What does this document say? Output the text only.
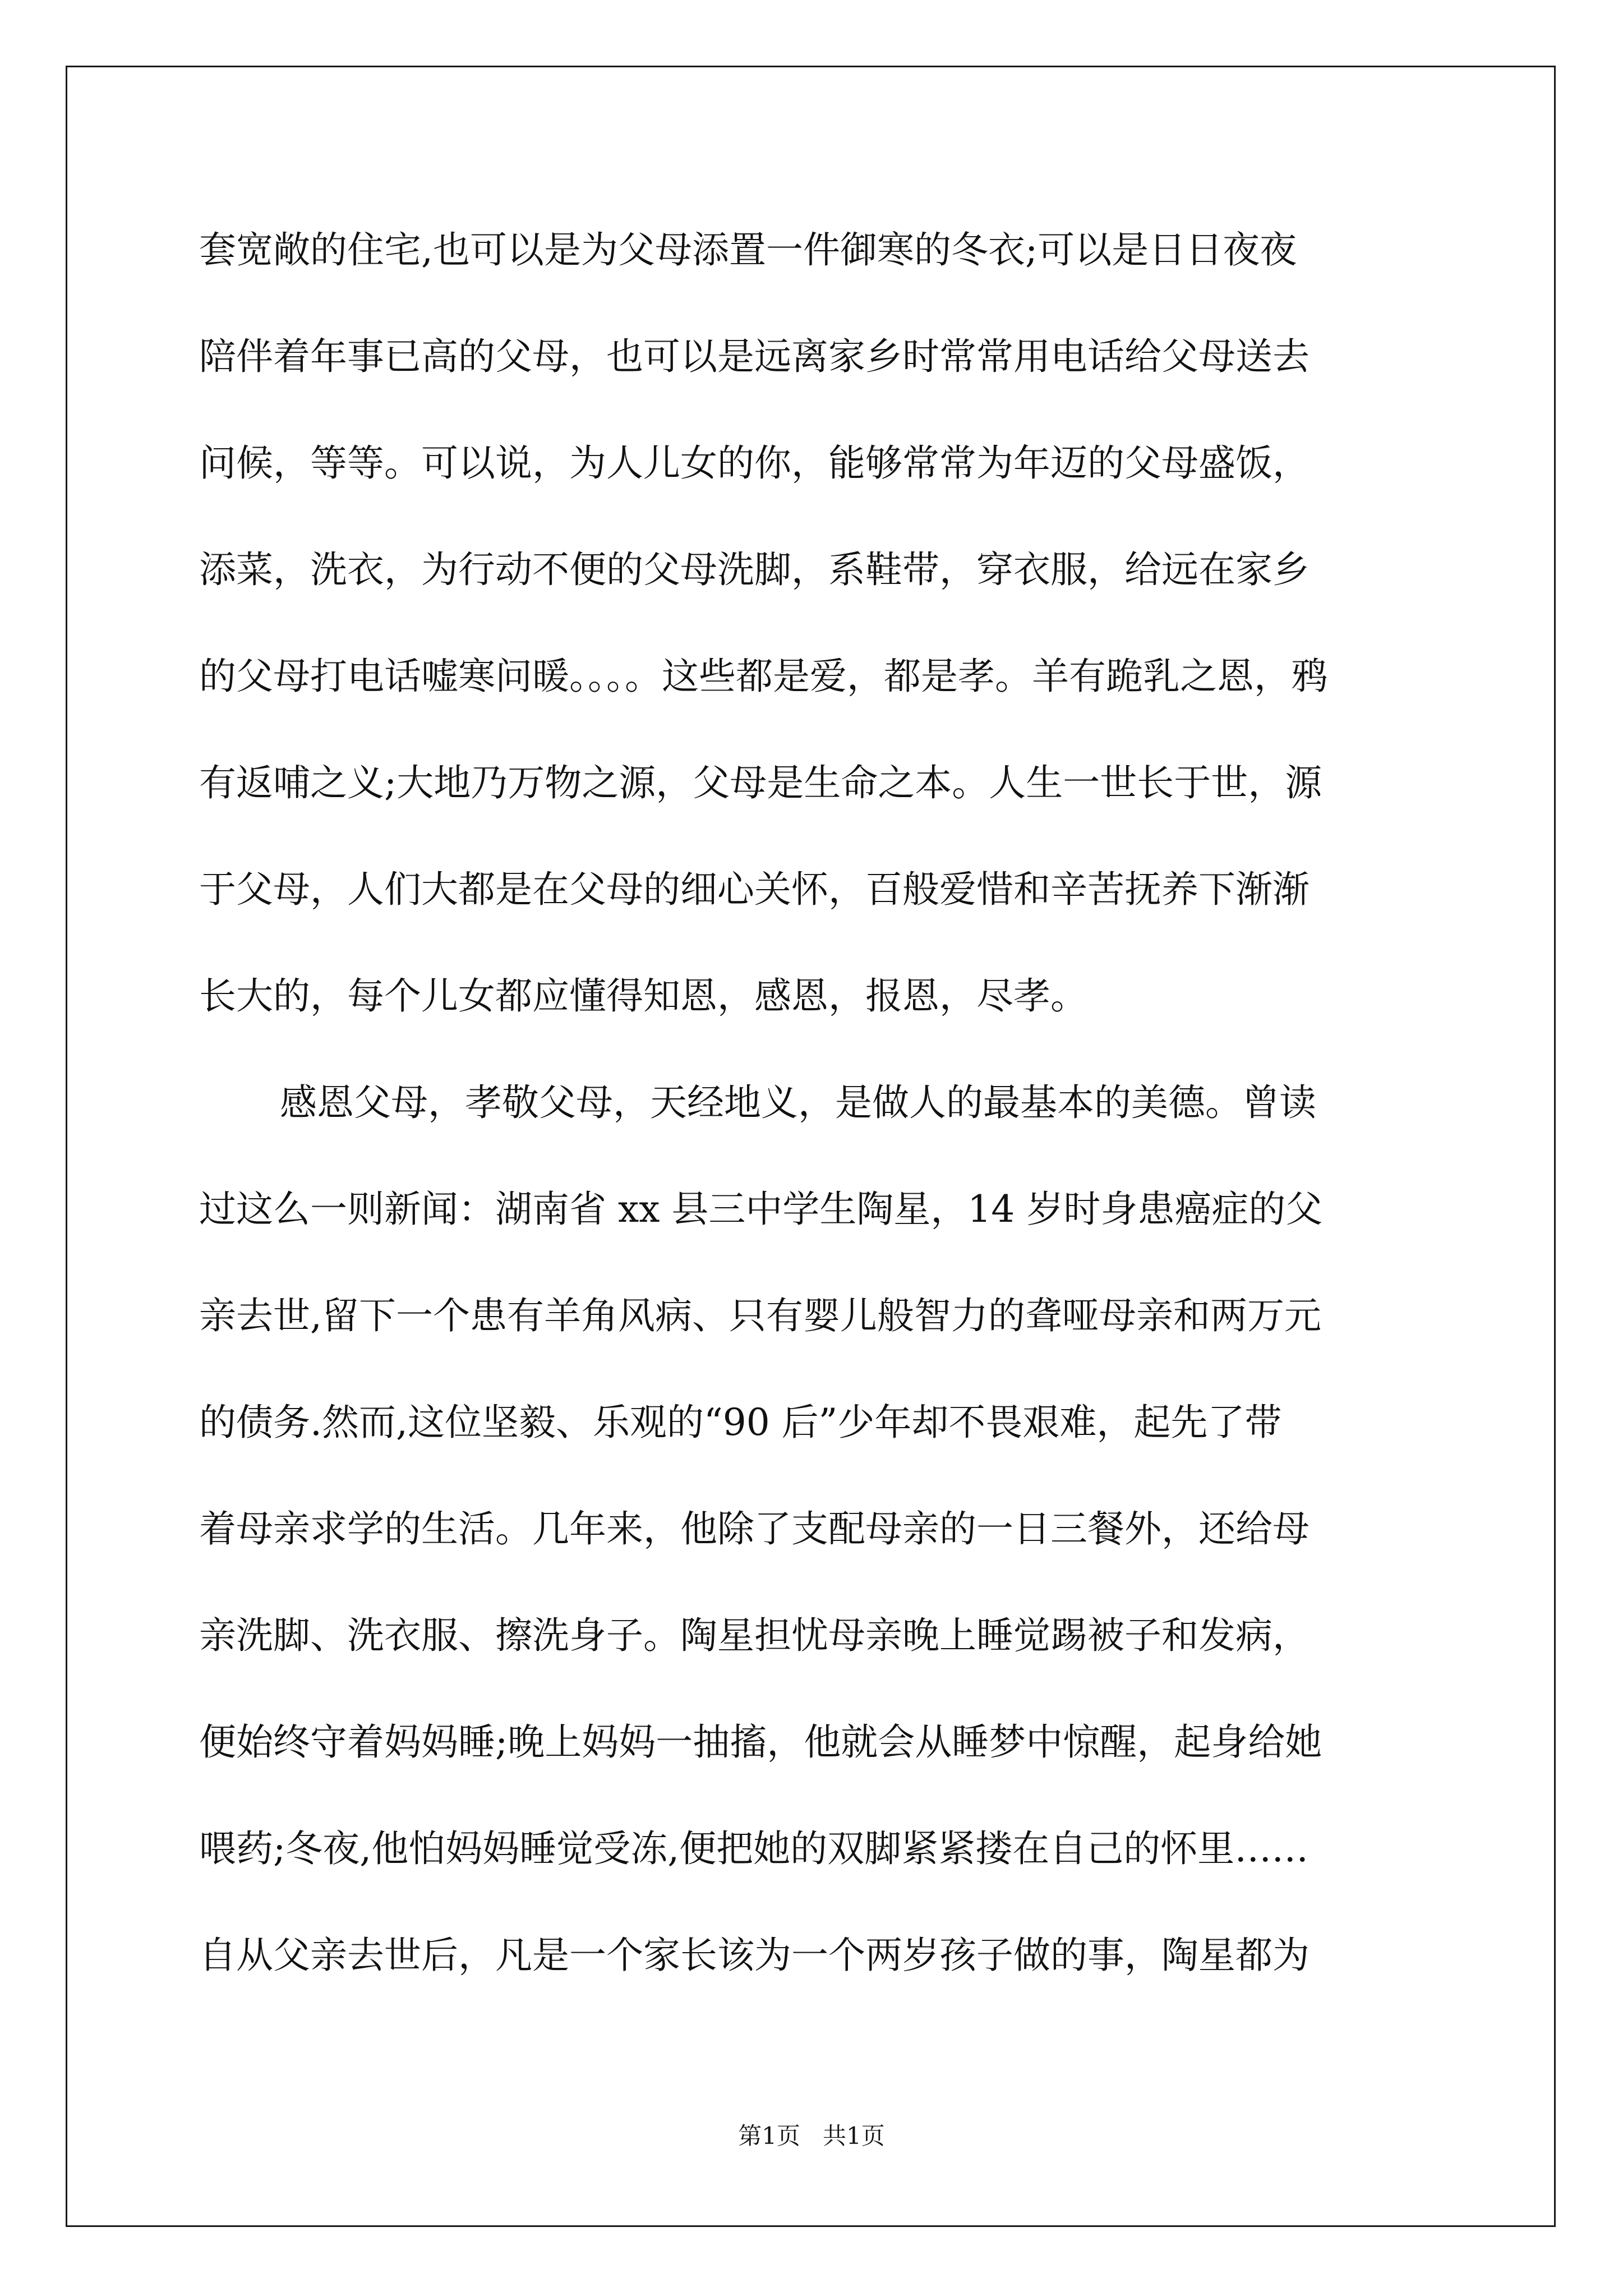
套宽敞的住宅,也可以是为父母添置一件御寒的冬衣;可以是日日夜夜
陪伴着年事已高的父母，也可以是远离家乡时常常用电话给父母送去
问候，等等。可以说，为人儿女的你，能够常常为年迈的父母盛饭，
添菜，洗衣，为行动不便的父母洗脚，系鞋带，穿衣服，给远在家乡
的父母打电话嘘寒问暖。。。。这些都是爱，都是孝。羊有跪乳之恩，鸦
有返哺之义;大地乃万物之源，父母是生命之本。人生一世长于世，源
于父母，人们大都是在父母的细心关怀，百般爱惜和辛苦抚养下渐渐
长大的，每个儿女都应懂得知恩，感恩，报恩，尽孝。
感恩父母，孝敬父母，天经地义，是做人的最基本的美德。曾读
过这么一则新闻：湖南省 xx 县三中学生陶星，14 岁时身患癌症的父
亲去世,留下一个患有羊角风病、只有婴儿般智力的聋哑母亲和两万元
的债务.然而,这位坚毅、乐观的“90 后”少年却不畏艰难，起先了带
着母亲求学的生活。几年来，他除了支配母亲的一日三餐外，还给母
亲洗脚、洗衣服、擦洗身子。陶星担忧母亲晚上睡觉踢被子和发病，
便始终守着妈妈睡;晚上妈妈一抽搐，他就会从睡梦中惊醒，起身给她
喂药;冬夜,他怕妈妈睡觉受冻,便把她的双脚紧紧搂在自己的怀里……
自从父亲去世后，凡是一个家长该为一个两岁孩子做的事，陶星都为
第1页   共1页
